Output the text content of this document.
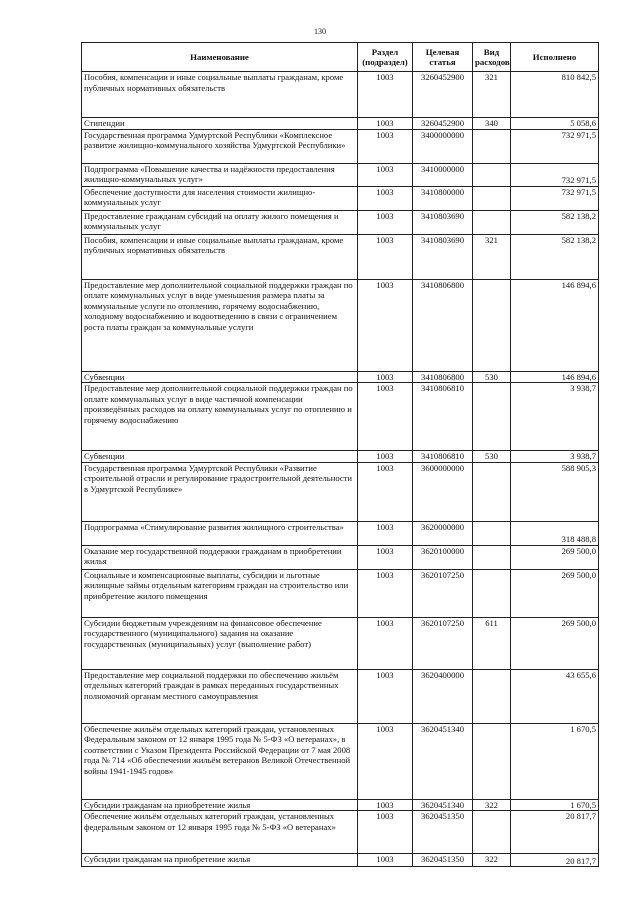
130
Наименование	Раздел (подраздел)	Целевая статья	Вид расходов	Исполнено
Пособия, компенсации и иные социальные выплаты гражданам, кроме публичных нормативных обязательств	1003	3260452900	321	810 842,5
Стипендии	1003	3260452900	340	5 058,6
Государственная программа Удмуртской Республики «Комплексное развитие жилищно-коммунального хозяйства Удмуртской Республики»	1003	3400000000		732 971,5
Подпрограмма «Повышение качества и надёжности предоставления жилищно-коммунальных услуг»	1003	3410000000		732 971,5
Обеспечение доступности для населения стоимости жилищно-коммунальных услуг	1003	3410800000		732 971,5
Предоставление гражданам субсидий на оплату жилого помещения и коммунальных услуг	1003	3410803690		582 138,2
Пособия, компенсации и иные социальные выплаты гражданам, кроме публичных нормативных обязательств	1003	3410803690	321	582 138,2
Предоставление мер дополнительной социальной поддержки граждан по оплате коммунальных услуг в виде уменьшения размера платы за коммунальные услуги по отоплению, горячему водоснабжению, холодному водоснабжению и водоотведению в связи с ограничением роста платы граждан за коммунальные услуги	1003	3410806800		146 894,6
Субвенции	1003	3410806800	530	146 894,6
Предоставление мер дополнительной социальной поддержки граждан по оплате коммунальных услуг в виде частичной компенсации произведённых расходов на оплату коммунальных услуг по отоплению и горячему водоснабжению	1003	3410806810		3 938,7
Субвенции	1003	3410806810	530	3 938,7
Государственная программа Удмуртской Республики «Развитие строительной отрасли и регулирование градостроительной деятельности в Удмуртской Республике»	1003	3600000000		588 905,3
Подпрограмма «Стимулирование развития жилищного строительства»	1003	3620000000		318 488,8
Оказание мер государственной поддержки гражданам в приобретении жилья	1003	3620100000		269 500,0
Социальные и компенсационные выплаты, субсидии и льготные жилищные займы отдельным категориям граждан на строительство или приобретение жилого помещения	1003	3620107250		269 500,0
Субсидии бюджетным учреждениям на финансовое обеспечение государственного (муниципального) задания на оказание государственных (муниципальных) услуг (выполнение работ)	1003	3620107250	611	269 500,0
Предоставление мер социальной поддержки по обеспечению жильём отдельных категорий граждан в рамках переданных государственных полномочий органам местного самоуправления	1003	3620400000		43 655,6
Обеспечение жильём отдельных категорий граждан, установленных Федеральным законом от 12 января 1995 года № 5-ФЗ «О ветеранах», в соответствии с Указом Президента Российской Федерации от 7 мая 2008 года № 714 «Об обеспечении жильём ветеранов Великой Отечественной войны 1941-1945 годов»	1003	3620451340		1 670,5
Субсидии гражданам на приобретение жилья	1003	3620451340	322	1 670,5
Обеспечение жильём отдельных категорий граждан, установленных федеральным законом от 12 января 1995 года № 5-ФЗ «О ветеранах»	1003	3620451350		20 817,7
Субсидии гражданам на приобретение жилья	1003	3620451350	322	20 817,7
